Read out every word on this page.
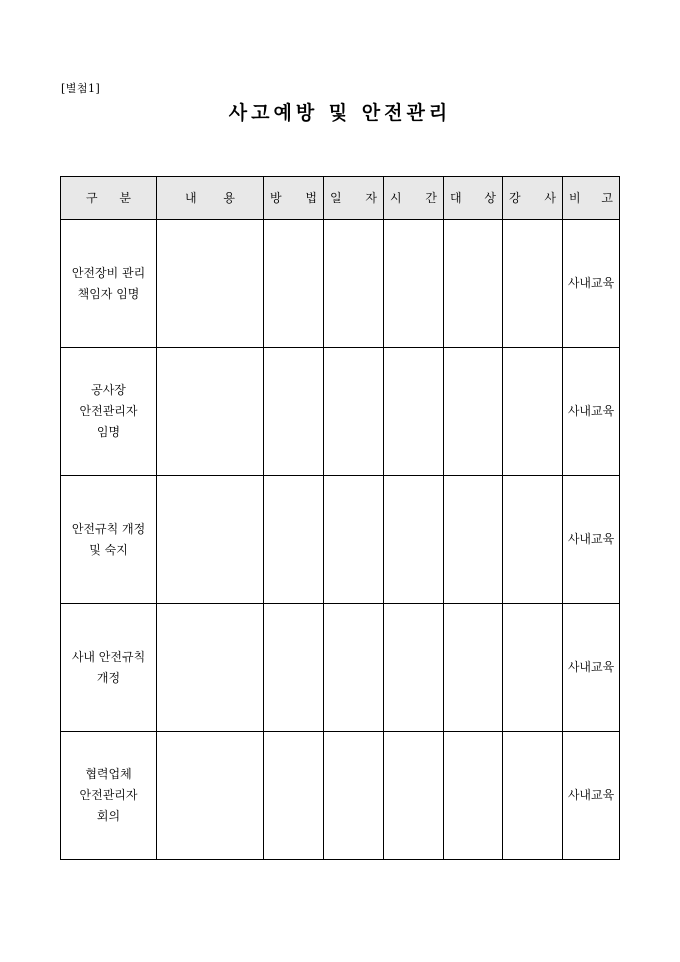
[별첨1]
사고예방 및 안전관리
구 분	내 용	방 법	일 자	시 간	대 상	강 사	비 고

안전장비 관리
책임자 임명							사내교육

공사장
안전관리자
임명							사내교육

안전규칙 개정
및 숙지							사내교육

사내 안전규칙
개정							사내교육

협력업체
안전관리자
회의							사내교육
